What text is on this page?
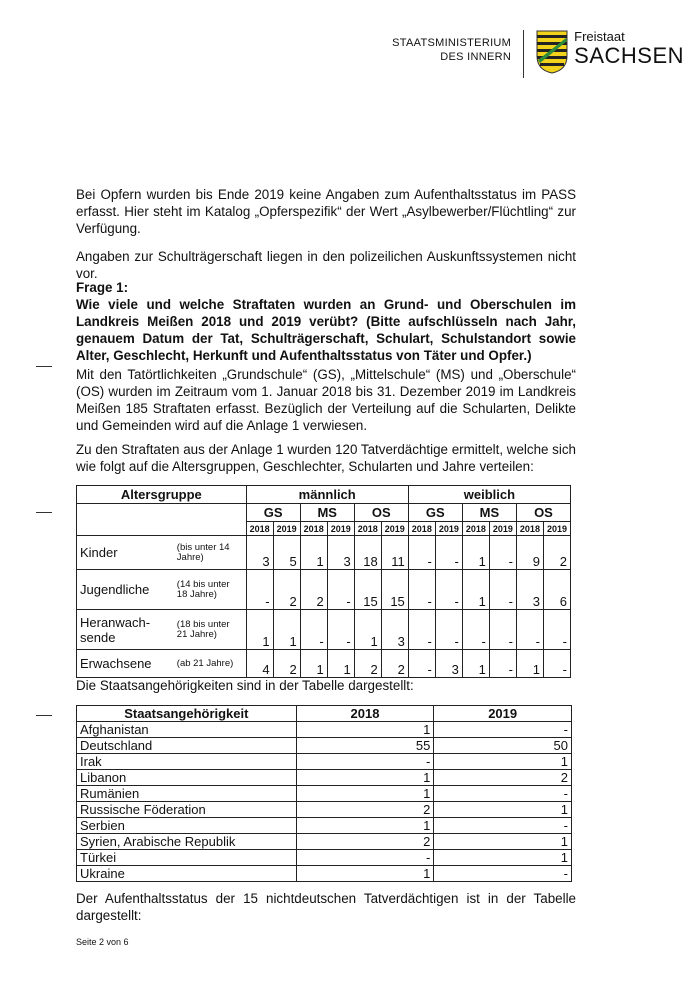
STAATSMINISTERIUM
DES INNERN
Freistaat
SACHSEN

Bei Opfern wurden bis Ende 2019 keine Angaben zum Aufenthaltsstatus im PASS erfasst. Hier steht im Katalog „Opferspezifik“ der Wert „Asylbewerber/Flüchtling“ zur Verfügung.

Angaben zur Schulträgerschaft liegen in den polizeilichen Auskunftssystemen nicht vor.

Frage 1:

Wie viele und welche Straftaten wurden an Grund- und Oberschulen im Landkreis Meißen 2018 und 2019 verübt? (Bitte aufschlüsseln nach Jahr, genauem Datum der Tat, Schulträgerschaft, Schulart, Schulstandort sowie Alter, Geschlecht, Herkunft und Aufenthaltsstatus von Täter und Opfer.)

Mit den Tatörtlichkeiten „Grundschule“ (GS), „Mittelschule“ (MS) und „Oberschule“ (OS) wurden im Zeitraum vom 1. Januar 2018 bis 31. Dezember 2019 im Landkreis Meißen 185 Straftaten erfasst. Bezüglich der Verteilung auf die Schularten, Delikte und Gemeinden wird auf die Anlage 1 verwiesen.

Zu den Straftaten aus der Anlage 1 wurden 120 Tatverdächtige ermittelt, welche sich wie folgt auf die Altersgruppen, Geschlechter, Schularten und Jahre verteilen:

Altersgruppe		männlich						weiblich					
		GS		MS		OS		GS		MS		OS	
		2018	2019	2018	2019	2018	2019	2018	2019	2018	2019	2018	2019
Kinder	(bis unter 14 Jahre)	3	5	1	3	18	11	-	-	1	-	9	2
Jugendliche	(14 bis unter 18 Jahre)	-	2	2	-	15	15	-	-	1	-	3	6
Heranwach-sende	(18 bis unter 21 Jahre)	1	1	-	-	1	3	-	-	-	-	-	-
Erwachsene	(ab 21 Jahre)	4	2	1	1	2	2	-	3	1	-	1	-

Die Staatsangehörigkeiten sind in der Tabelle dargestellt:

Staatsangehörigkeit	2018	2019
Afghanistan	1	-
Deutschland	55	50
Irak	-	1
Libanon	1	2
Rumänien	1	-
Russische Föderation	2	1
Serbien	1	-
Syrien, Arabische Republik	2	1
Türkei	-	1
Ukraine	1	-

Der Aufenthaltsstatus der 15 nichtdeutschen Tatverdächtigen ist in der Tabelle dargestellt:

Seite 2 von 6
